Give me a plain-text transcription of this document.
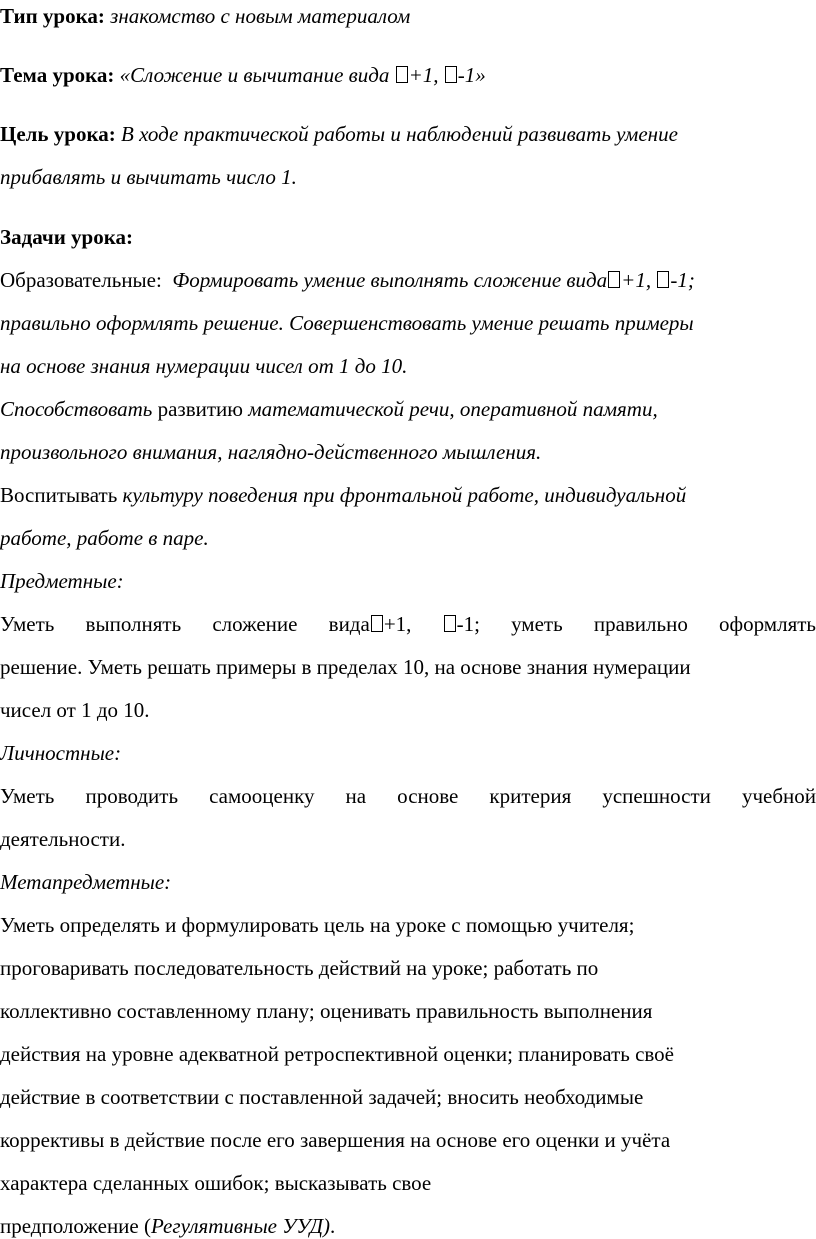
Тип урока: знакомство с новым материалом
Тема урока: «Сложение и вычитание вида +1, -1»
Цель урока: В ходе практической работы и наблюдений развивать умение
прибавлять и вычитать число 1.
Задачи урока:
Образовательные: Формировать умение выполнять сложение вида +1, -1;
правильно оформлять решение. Совершенствовать умение решать примеры
на основе знания нумерации чисел от 1 до 10.
Способствовать развитию математической речи, оперативной памяти,
произвольного внимания, наглядно-действенного мышления.
Воспитывать культуру поведения при фронтальной работе, индивидуальной
работе, работе в паре.
Предметные:
Уметь выполнять сложение вида +1, -1; уметь правильно оформлять
решение. Уметь решать примеры в пределах 10, на основе знания нумерации
чисел от 1 до 10.
Личностные:
Уметь проводить самооценку на основе критерия успешности учебной
деятельности.
Метапредметные:
Уметь определять и формулировать цель на уроке с помощью учителя;
проговаривать последовательность действий на уроке; работать по
коллективно составленному плану; оценивать правильность выполнения
действия на уровне адекватной ретроспективной оценки; планировать своё
действие в соответствии с поставленной задачей; вносить необходимые
коррективы в действие после его завершения на основе его оценки и учёта
характера сделанных ошибок; высказывать свое
предположение (Регулятивные УУД).
